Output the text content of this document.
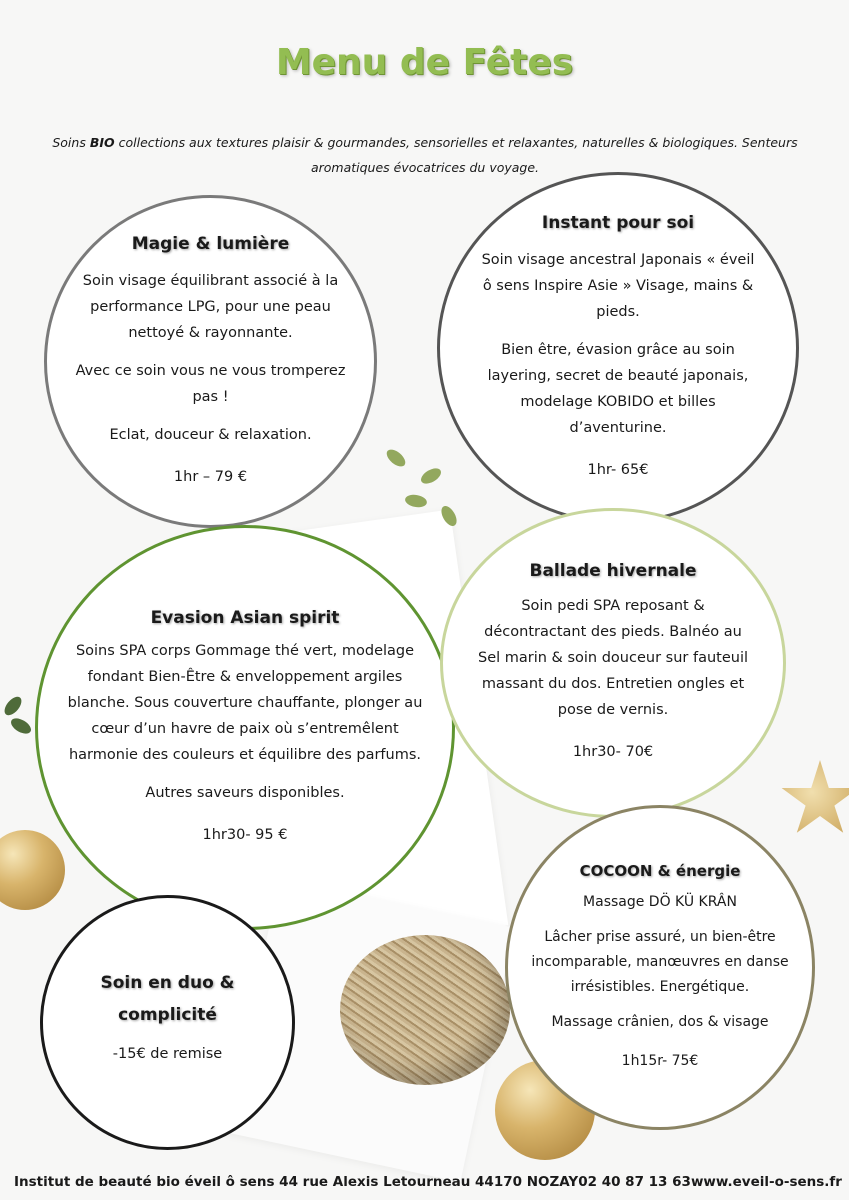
Menu de Fêtes

Soins BIO collections aux textures plaisir & gourmandes, sensorielles et relaxantes, naturelles & biologiques. Senteurs aromatiques évocatrices du voyage.

Magie & lumière

Soin visage équilibrant associé à la performance LPG, pour une peau nettoyé & rayonnante.

Avec ce soin vous ne vous tromperez pas !

Eclat, douceur & relaxation.

1hr – 79 €

Instant pour soi

Soin visage ancestral Japonais « éveil ô sens Inspire Asie » Visage, mains & pieds.

Bien être, évasion grâce au soin layering, secret de beauté japonais, modelage KOBIDO et billes d’aventurine.

1hr- 65€

Evasion Asian spirit

Soins SPA corps Gommage thé vert, modelage fondant Bien-Être & enveloppement argiles blanche. Sous couverture chauffante, plonger au cœur d’un havre de paix où s’entremêlent harmonie des couleurs et équilibre des parfums.

Autres saveurs disponibles.

1hr30- 95 €

Ballade hivernale

Soin pedi SPA reposant & décontractant des pieds. Balnéo au Sel marin & soin douceur sur fauteuil massant du dos. Entretien ongles et pose de vernis.

1hr30- 70€

COCOON & énergie

Massage DÖ KÜ KRÂN

Lâcher prise assuré, un bien-être incomparable, manœuvres en danse irrésistibles. Energétique.

Massage crânien, dos & visage

1h15r- 75€

Soin en duo & complicité

-15€ de remise

Institut de beauté bio éveil ô sens 44 rue Alexis Letourneau 44170 NOZAY 02 40 87 13 63 www.eveil-o-sens.fr
